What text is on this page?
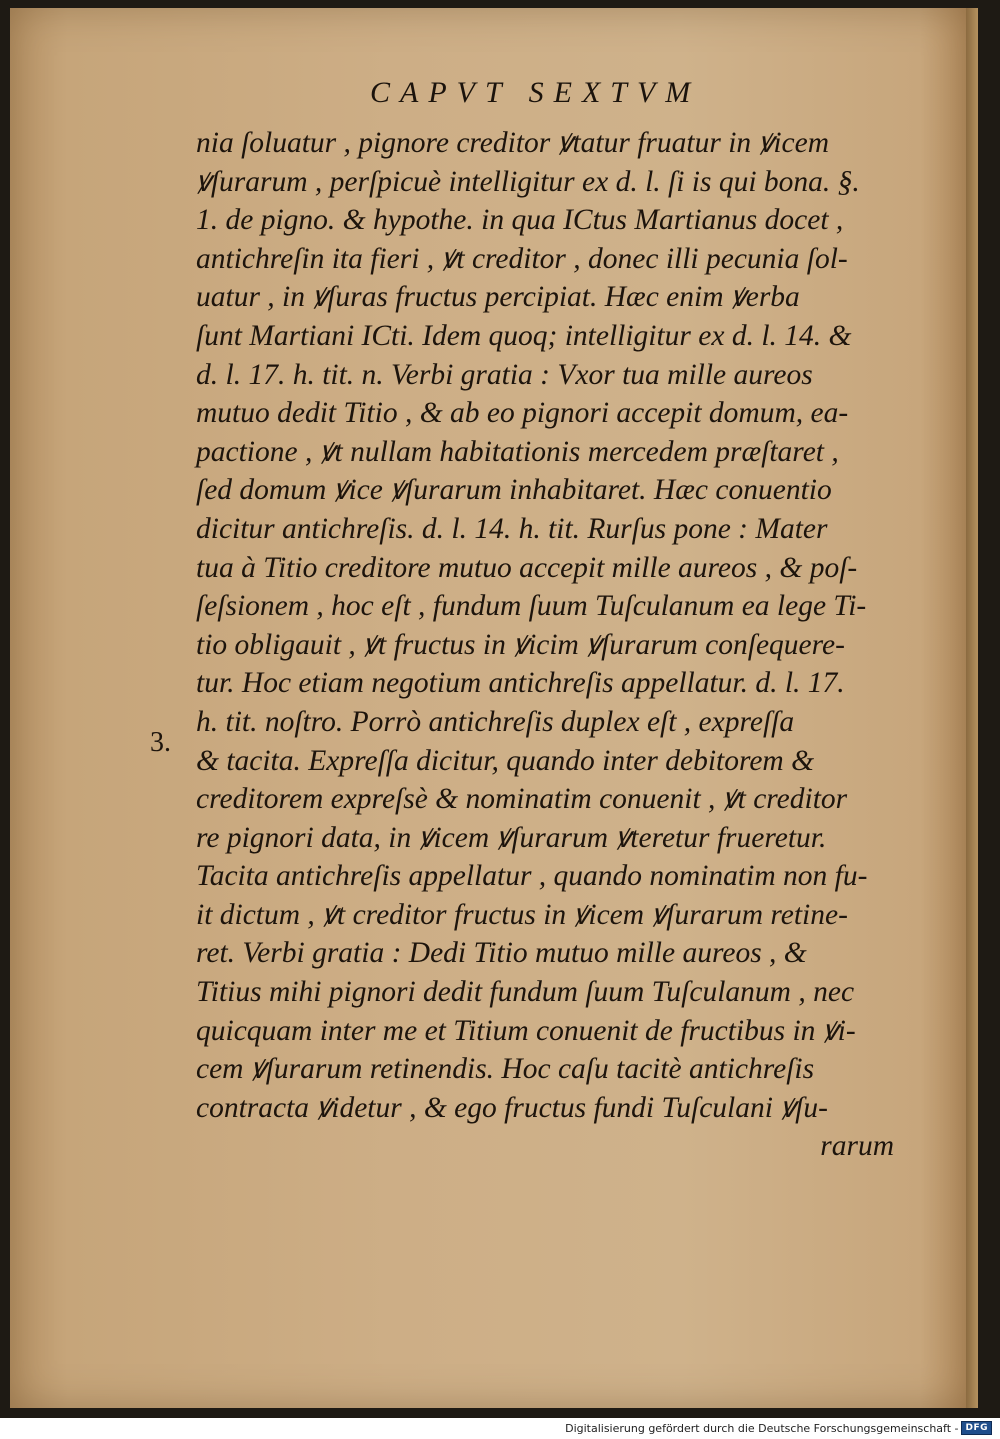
CAPVT SEXTVM
3.
nia ſoluatur , pignore creditor ꝟtatur fruatur in ꝟicem
ꝟſurarum , perſpicuè intelligitur ex d. l. ſi is qui bona. §.
1. de pigno. & hypothe. in qua ICtus Martianus docet ,
antichreſin ita fieri , ꝟt creditor , donec illi pecunia ſol-
uatur , in ꝟſuras fructus percipiat. Hæc enim ꝟerba
ſunt Martiani ICti. Idem quoq; intelligitur ex d. l. 14. &
d. l. 17. h. tit. n. Verbi gratia : Vxor tua mille aureos
mutuo dedit Titio , & ab eo pignori accepit domum, ea-
pactione , ꝟt nullam habitationis mercedem præſtaret ,
ſed domum ꝟice ꝟſurarum inhabitaret. Hæc conuentio
dicitur antichreſis. d. l. 14. h. tit. Rurſus pone : Mater
tua à Titio creditore mutuo accepit mille aureos , & poſ-
ſeſsionem , hoc eſt , fundum ſuum Tuſculanum ea lege Ti-
tio obligauit , ꝟt fructus in ꝟicim ꝟſurarum conſequere-
tur. Hoc etiam negotium antichreſis appellatur. d. l. 17.
h. tit. noſtro. Porrò antichreſis duplex eſt , expreſſa
& tacita. Expreſſa dicitur, quando inter debitorem &
creditorem expreſsè & nominatim conuenit , ꝟt creditor
re pignori data, in ꝟicem ꝟſurarum ꝟteretur frueretur.
Tacita antichreſis appellatur , quando nominatim non fu-
it dictum , ꝟt creditor fructus in ꝟicem ꝟſurarum retine-
ret. Verbi gratia : Dedi Titio mutuo mille aureos , &
Titius mihi pignori dedit fundum ſuum Tuſculanum , nec
quicquam inter me et Titium conuenit de fructibus in ꝟi-
cem ꝟſurarum retinendis. Hoc caſu tacitè antichreſis
contracta ꝟidetur , & ego fructus fundi Tuſculani ꝟſu-
rarum
Digitalisierung gefördert durch die Deutsche Forschungsgemeinschaft - DFG
